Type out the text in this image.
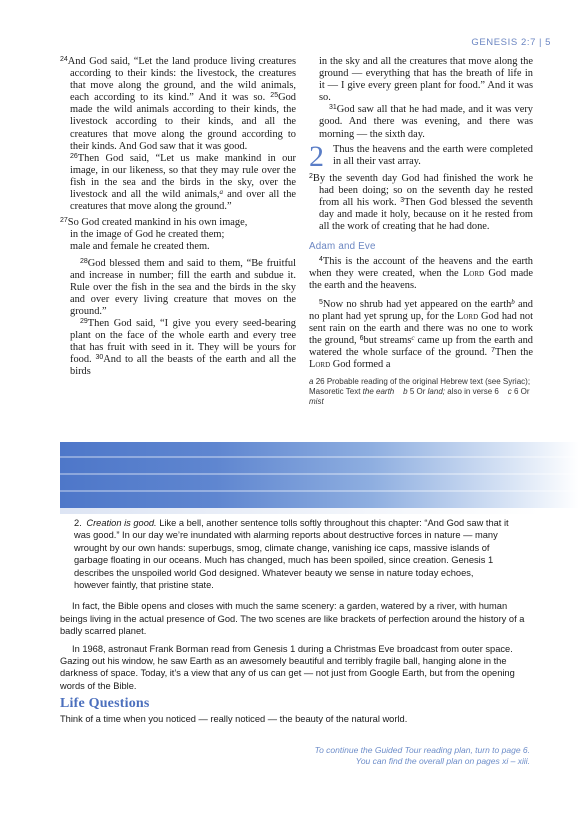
GENESIS 2:7 | 5

$^{24}$And God said, “Let the land produce living creatures according to their kinds: the livestock, the creatures that move along the ground, and the wild animals, each according to its kind.” And it was so. $^{25}$God made the wild animals according to their kinds, the livestock according to their kinds, and all the creatures that move along the ground according to their kinds. And God saw that it was good.

$^{26}$Then God said, “Let us make mankind in our image, in our likeness, so that they may rule over the fish in the sea and the birds in the sky, over the livestock and all the wild animals,$^a$ and over all the creatures that move along the ground.”

$^{27}$So God created mankind in his own image,

in the image of God he created them;

male and female he created them.

$^{28}$God blessed them and said to them, “Be fruitful and increase in number; fill the earth and subdue it. Rule over the fish in the sea and the birds in the sky and over every living creature that moves on the ground.”

$^{29}$Then God said, “I give you every seed-bearing plant on the face of the whole earth and every tree that has fruit with seed in it. They will be yours for food. $^{30}$And to all the beasts of the earth and all the birds

in the sky and all the creatures that move along the ground — everything that has the breath of life in it — I give every green plant for food.” And it was so.

$^{31}$God saw all that he had made, and it was very good. And there was evening, and there was morning — the sixth day.

2 Thus the heavens and the earth were completed in all their vast array.

$^2$By the seventh day God had finished the work he had been doing; so on the seventh day he rested from all his work. $^3$Then God blessed the seventh day and made it holy, because on it he rested from all the work of creating that he had done.

Adam and Eve

$^4$This is the account of the heavens and the earth when they were created, when the Lord God made the earth and the heavens.

$^5$Now no shrub had yet appeared on the earth$^b$ and no plant had yet sprung up, for the Lord God had not sent rain on the earth and there was no one to work the ground, $^6$but streams$^c$ came up from the earth and watered the whole surface of the ground. $^7$Then the Lord God formed a

a 26 Probable reading of the original Hebrew text (see Syriac); Masoretic Text the earth b 5 Or land; also in verse 6 c 6 Or mist

2. Creation is good. Like a bell, another sentence tolls softly throughout this chapter: “And God saw that it was good.” In our day we’re inundated with alarming reports about destructive forces in nature — many wrought by our own hands: superbugs, smog, climate change, vanishing ice caps, massive islands of garbage floating in our oceans. Much has changed, much has been spoiled, since creation. Genesis 1 describes the unspoiled world God designed. Whatever beauty we sense in nature today echoes, however faintly, that pristine state.

In fact, the Bible opens and closes with much the same scenery: a garden, watered by a river, with human beings living in the actual presence of God. The two scenes are like brackets of perfection around the history of a badly scarred planet.

In 1968, astronaut Frank Borman read from Genesis 1 during a Christmas Eve broadcast from outer space. Gazing out his window, he saw Earth as an awesomely beautiful and terribly fragile ball, hanging alone in the darkness of space. Today, it’s a view that any of us can get — not just from Google Earth, but from the opening words of the Bible.

Life Questions

Think of a time when you noticed — really noticed — the beauty of the natural world.

To continue the Guided Tour reading plan, turn to page 6.
You can find the overall plan on pages xi – xiii.
